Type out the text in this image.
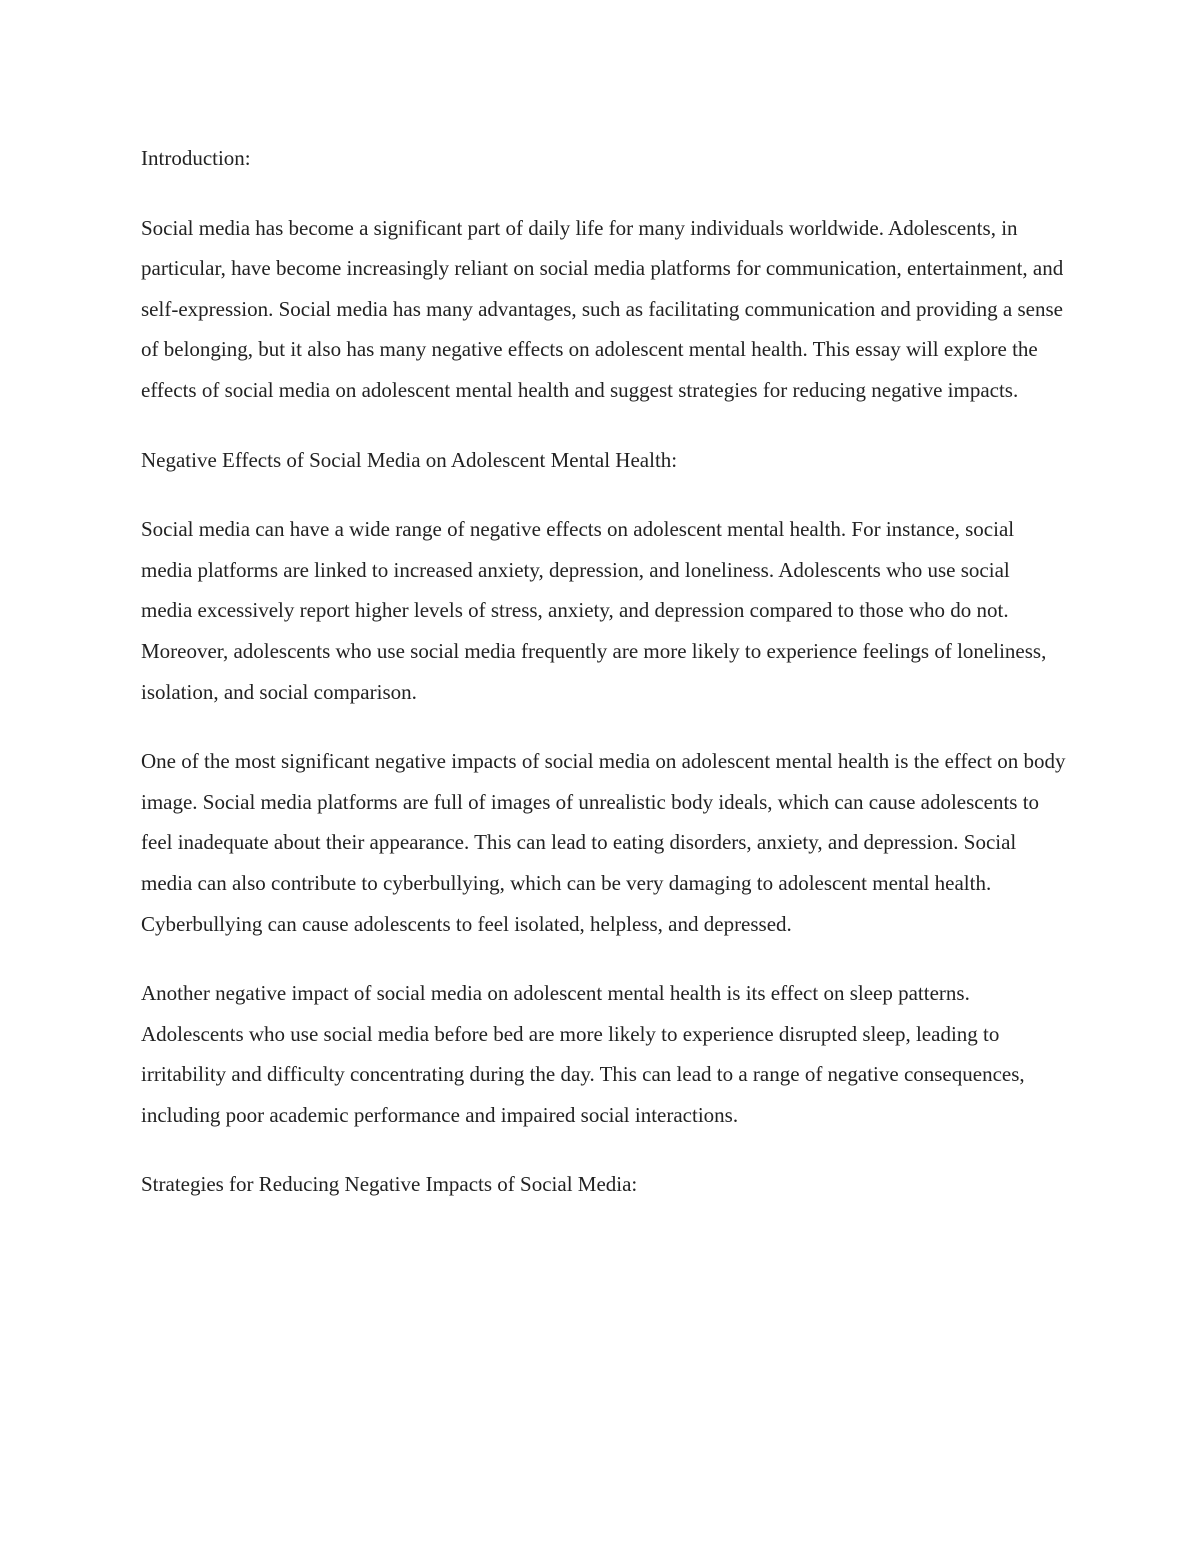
Introduction:

Social media has become a significant part of daily life for many individuals worldwide. Adolescents, in particular, have become increasingly reliant on social media platforms for communication, entertainment, and self-expression. Social media has many advantages, such as facilitating communication and providing a sense of belonging, but it also has many negative effects on adolescent mental health. This essay will explore the effects of social media on adolescent mental health and suggest strategies for reducing negative impacts.

Negative Effects of Social Media on Adolescent Mental Health:

Social media can have a wide range of negative effects on adolescent mental health. For instance, social media platforms are linked to increased anxiety, depression, and loneliness. Adolescents who use social media excessively report higher levels of stress, anxiety, and depression compared to those who do not. Moreover, adolescents who use social media frequently are more likely to experience feelings of loneliness, isolation, and social comparison.

One of the most significant negative impacts of social media on adolescent mental health is the effect on body image. Social media platforms are full of images of unrealistic body ideals, which can cause adolescents to feel inadequate about their appearance. This can lead to eating disorders, anxiety, and depression. Social media can also contribute to cyberbullying, which can be very damaging to adolescent mental health. Cyberbullying can cause adolescents to feel isolated, helpless, and depressed.

Another negative impact of social media on adolescent mental health is its effect on sleep patterns. Adolescents who use social media before bed are more likely to experience disrupted sleep, leading to irritability and difficulty concentrating during the day. This can lead to a range of negative consequences, including poor academic performance and impaired social interactions.

Strategies for Reducing Negative Impacts of Social Media:
